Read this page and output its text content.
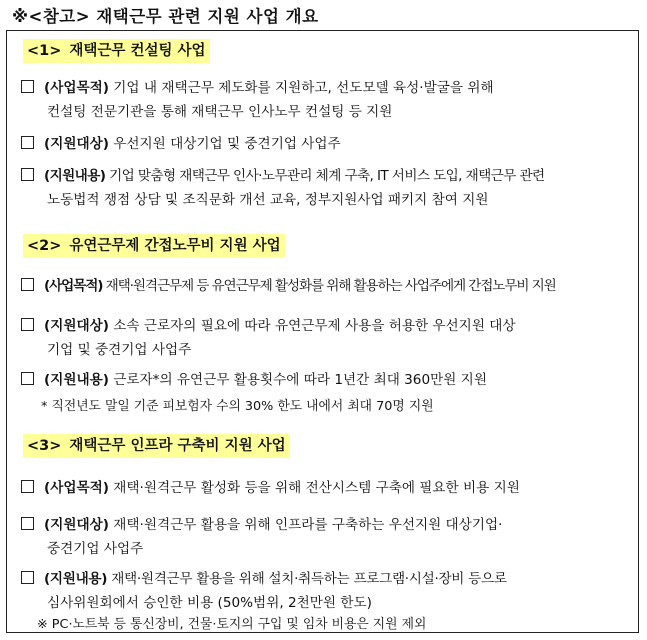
※<참고> 재택근무 관련 지원 사업 개요
<1> 재택근무 컨설팅 사업
(사업목적) 기업 내 재택근무 제도화를 지원하고, 선도모델 육성·발굴을 위해
컨설팅 전문기관을 통해 재택근무 인사노무 컨설팅 등 지원
(지원대상) 우선지원 대상기업 및 중견기업 사업주
(지원내용) 기업 맞춤형 재택근무 인사·노무관리 체계 구축, IT 서비스 도입, 재택근무 관련
노동법적 쟁점 상담 및 조직문화 개선 교육, 정부지원사업 패키지 참여 지원
<2> 유연근무제 간접노무비 지원 사업
(사업목적) 재택·원격근무제 등 유연근무제 활성화를 위해 활용하는 사업주에게 간접노무비 지원
(지원대상) 소속 근로자의 필요에 따라 유연근무제 사용을 허용한 우선지원 대상
기업 및 중견기업 사업주
(지원내용) 근로자*의 유연근무 활용횟수에 따라 1년간 최대 360만원 지원
* 직전년도 말일 기준 피보험자 수의 30% 한도 내에서 최대 70명 지원
<3> 재택근무 인프라 구축비 지원 사업
(사업목적) 재택·원격근무 활성화 등을 위해 전산시스템 구축에 필요한 비용 지원
(지원대상) 재택·원격근무 활용을 위해 인프라를 구축하는 우선지원 대상기업·
중견기업 사업주
(지원내용) 재택·원격근무 활용을 위해 설치·취득하는 프로그램·시설·장비 등으로
심사위원회에서 승인한 비용 (50%범위, 2천만원 한도)
※ PC·노트북 등 통신장비, 건물·토지의 구입 및 임차 비용은 지원 제외
